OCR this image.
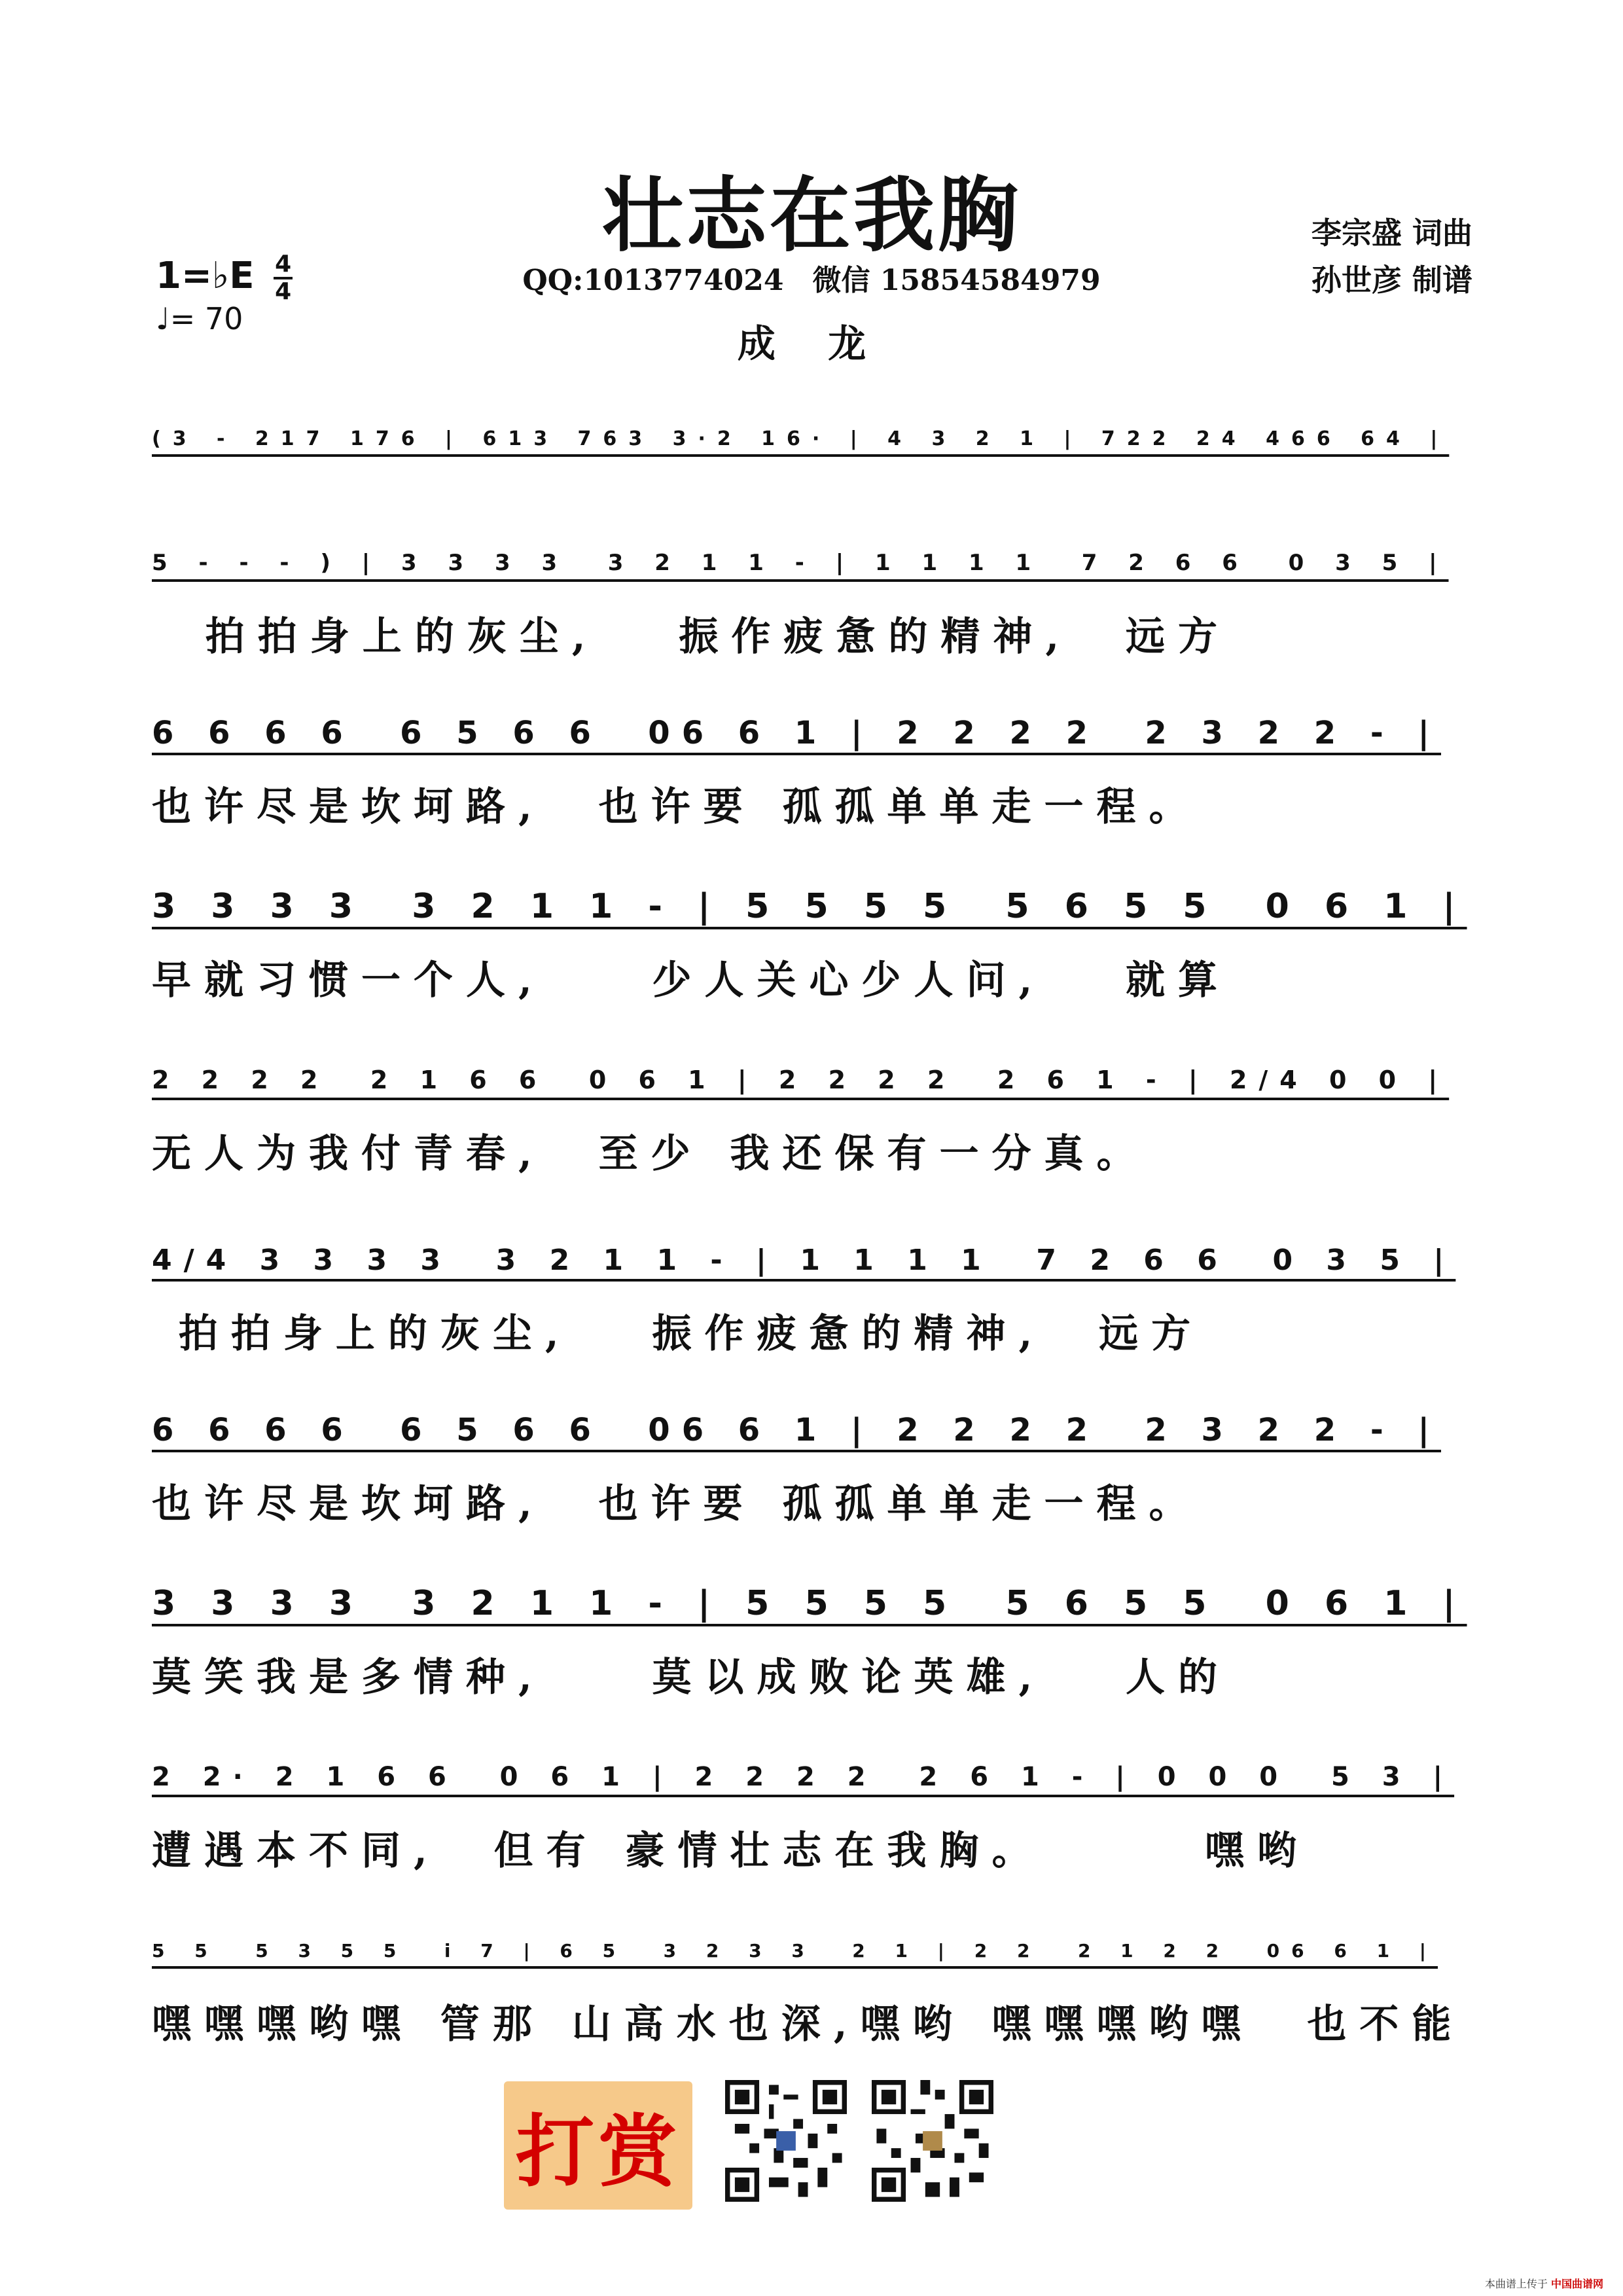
壮志在我胸
QQ:1013774024　微信 15854584979
成 龙
李宗盛 词曲
孙世彦 制谱
1=♭E $\frac{4}{4}$
♩= 70
(3 - 217 176 | 613 763 3·2 16· | 4 3 2 1 | 722 24 466 64 |
5 - - - ) | 3 3 3 3  3 2 1 1 - | 1 1 1 1  7 2 6 6  0 3 5 |
拍拍身上的灰尘,   振作疲惫的精神,  远方
6 6 6 6  6 5 6 6  06 6 1 | 2 2 2 2  2 3 2 2 - |
也许尽是坎坷路,  也许要 孤孤单单走一程。
3 3 3 3  3 2 1 1 - | 5 5 5 5  5 6 5 5  0 6 1 |
早就习惯一个人,    少人关心少人问,   就算
2 2 2 2  2 1 6 6  0 6 1 | 2 2 2 2  2 6 1 - | 2/4 0 0 |
无人为我付青春,  至少 我还保有一分真。
4/4 3 3 3 3  3 2 1 1 - | 1 1 1 1  7 2 6 6  0 3 5 |
拍拍身上的灰尘,   振作疲惫的精神,  远方
6 6 6 6  6 5 6 6  06 6 1 | 2 2 2 2  2 3 2 2 - |
也许尽是坎坷路,  也许要 孤孤单单走一程。
3 3 3 3  3 2 1 1 - | 5 5 5 5  5 6 5 5  0 6 1 |
莫笑我是多情种,    莫以成败论英雄,   人的
2 2· 2 1 6 6  0 6 1 | 2 2 2 2  2 6 1 - | 0 0 0  5 3 |
遭遇本不同,  但有 豪情壮志在我胸。      嘿哟
5 5  5 3 5 5  i 7 | 6 5  3 2 3 3  2 1 | 2 2  2 1 2 2  06 6 1 |
嘿嘿嘿哟嘿 管那 山高水也深,嘿哟 嘿嘿嘿哟嘿  也不能
打赏
本曲谱上传于 中国曲谱网
